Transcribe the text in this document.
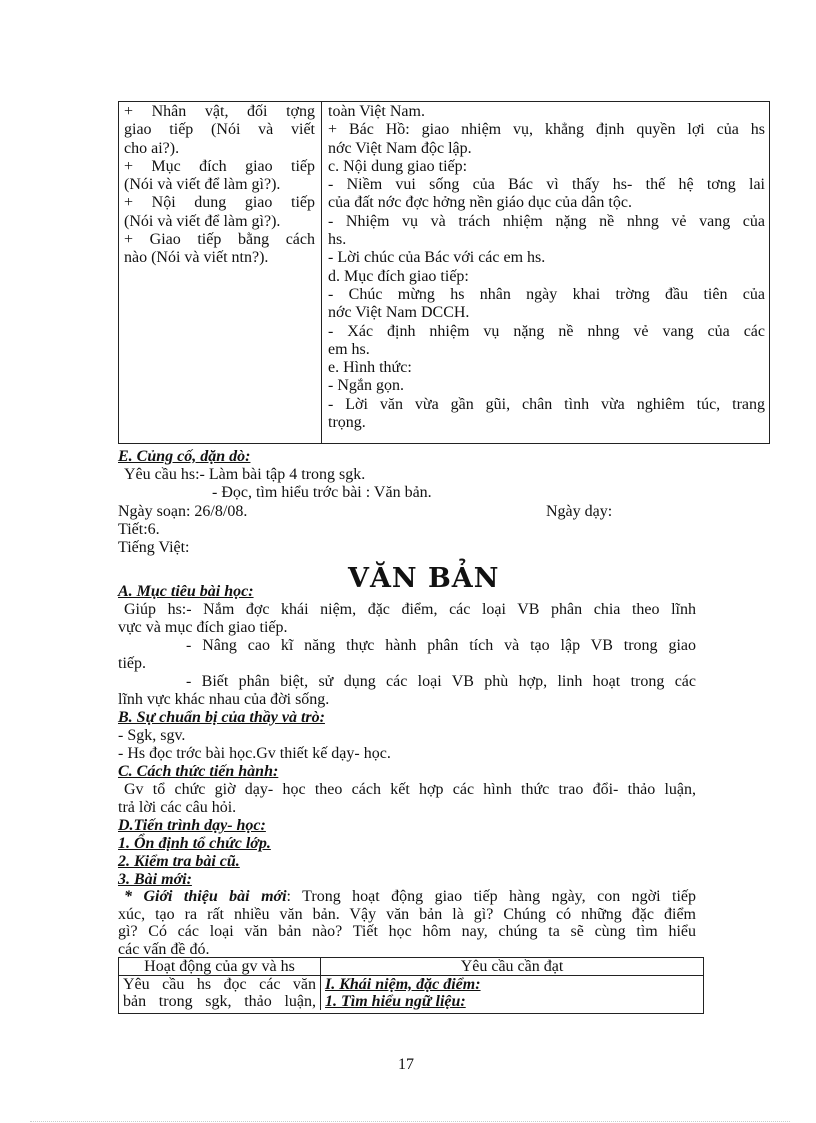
+ Nhân vật, đối tợng
giao tiếp (Nói và viết
cho ai?).
+ Mục đích giao tiếp
(Nói và viết để làm gì?).
+ Nội dung giao tiếp
(Nói và viết để làm gì?).
+ Giao tiếp bằng cách
nào (Nói và viết ntn?).
toàn Việt Nam.
+ Bác Hồ: giao nhiệm vụ, khẳng định quyền lợi của hs
nớc Việt Nam độc lập.
c. Nội dung giao tiếp:
- Niềm vui sống của Bác vì thấy hs- thế hệ tơng lai
của đất nớc đợc hởng nền giáo dục của dân tộc.
- Nhiệm vụ và trách nhiệm nặng nề nhng vẻ vang của
hs.
- Lời chúc của Bác với các em hs.
d. Mục đích giao tiếp:
- Chúc mừng hs nhân ngày khai trờng đầu tiên của
nớc Việt Nam DCCH.
- Xác định nhiệm vụ nặng nề nhng vẻ vang của các
em hs.
e. Hình thức:
- Ngắn gọn.
- Lời văn vừa gần gũi, chân tình vừa nghiêm túc, trang
trọng.
E. Củng cố, dặn dò:
Yêu cầu hs:- Làm bài tập 4 trong sgk.
- Đọc, tìm hiểu trớc bài : Văn bản.
Ngày soạn: 26/8/08.	Ngày dạy:
Tiết:6.
Tiếng Việt:
VĂN BẢN
A. Mục tiêu bài học:
Giúp hs:- Nắm đợc khái niệm, đặc điểm, các loại VB phân chia theo lĩnh
vực và mục đích giao tiếp.
- Nâng cao kĩ năng thực hành phân tích và tạo lập VB trong giao
tiếp.
- Biết phân biệt, sử dụng các loại VB phù hợp, linh hoạt trong các
lĩnh vực khác nhau của đời sống.
B. Sự chuẩn bị của thầy và trò:
- Sgk, sgv.
- Hs đọc trớc bài học.Gv thiết kế dạy- học.
C. Cách thức tiến hành:
Gv tổ chức giờ dạy- học theo cách kết hợp các hình thức trao đổi- thảo luận,
trả lời các câu hỏi.
D.Tiến trình dạy- học:
1. Ổn định tổ chức lớp.
2. Kiểm tra bài cũ.
3. Bài mới:
* Giới thiệu bài mới: Trong hoạt động giao tiếp hàng ngày, con ngời tiếp
xúc, tạo ra rất nhiều văn bản. Vậy văn bản là gì? Chúng có những đặc điểm
gì? Có các loại văn bản nào? Tiết học hôm nay, chúng ta sẽ cùng tìm hiểu
các vấn đề đó.
Hoạt động của gv và hs	Yêu cầu cần đạt
Yêu cầu hs đọc các văn
bản trong sgk, thảo luận,
I. Khái niệm, đặc điểm:
1. Tìm hiểu ngữ liệu:
17
